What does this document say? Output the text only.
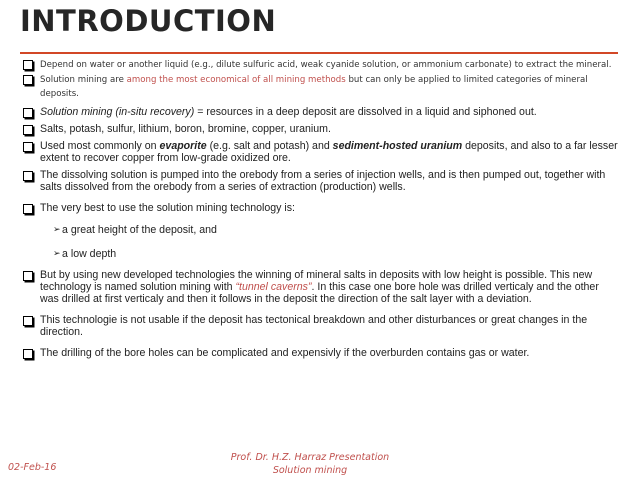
INTRODUCTION
Depend on water or another liquid (e.g., dilute sulfuric acid, weak cyanide solution, or ammonium carbonate) to extract the mineral.
Solution mining are among the most economical of all mining methods but can only be applied to limited categories of mineral deposits.
Solution mining (in-situ recovery) = resources in a deep deposit are dissolved in a liquid and siphoned out.
Salts, potash, sulfur, lithium, boron, bromine, copper, uranium.
Used most commonly on evaporite (e.g. salt and potash) and sediment-hosted uranium deposits, and also to a far lesser extent to recover copper from low-grade oxidized ore.
The dissolving solution is pumped into the orebody from a series of injection wells, and is then pumped out, together with salts dissolved from the orebody from a series of extraction (production) wells.
The very best to use the solution mining technology is:
➢ a great height of the deposit, and
➢ a low depth
But by using new developed technologies the winning of mineral salts in deposits with low height is possible. This new technology is named solution mining with “tunnel caverns”. In this case one bore hole was drilled verticaly and the other was drilled at first verticaly and then it follows in the deposit the direction of the salt layer with a deviation.
This technologie is not usable if the deposit has tectonical breakdown and other disturbances or great changes in the direction.
The drilling of the bore holes can be complicated and expensivly if the overburden contains gas or water.
02-Feb-16
Prof. Dr. H.Z. Harraz Presentation
Solution mining
